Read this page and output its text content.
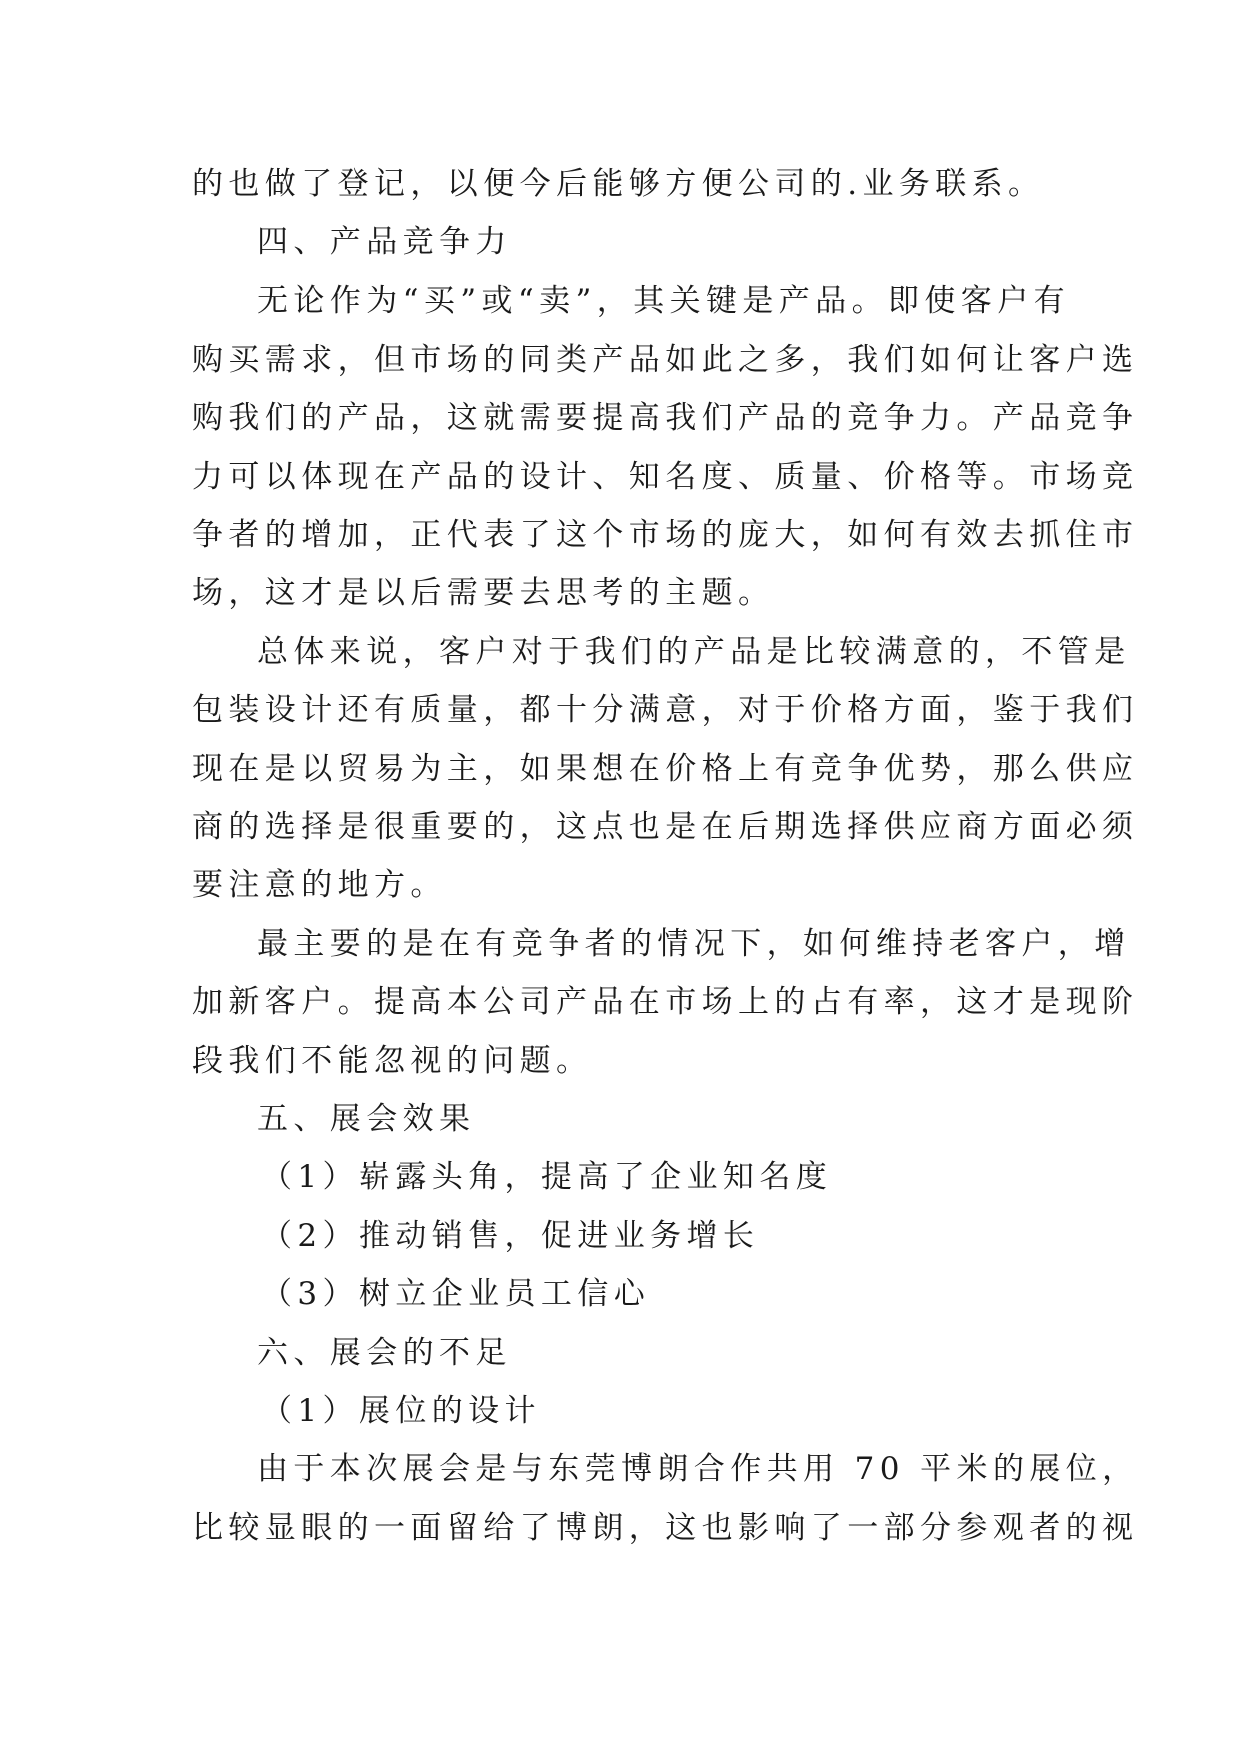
的也做了登记，以便今后能够方便公司的.业务联系。

四、产品竞争力

无论作为“买”或“卖”，其关键是产品。即使客户有

购买需求，但市场的同类产品如此之多，我们如何让客户选

购我们的产品，这就需要提高我们产品的竞争力。产品竞争

力可以体现在产品的设计、知名度、质量、价格等。市场竞

争者的增加，正代表了这个市场的庞大，如何有效去抓住市

场，这才是以后需要去思考的主题。

总体来说，客户对于我们的产品是比较满意的，不管是

包装设计还有质量，都十分满意，对于价格方面，鉴于我们

现在是以贸易为主，如果想在价格上有竞争优势，那么供应

商的选择是很重要的，这点也是在后期选择供应商方面必须

要注意的地方。

最主要的是在有竞争者的情况下，如何维持老客户，增

加新客户。提高本公司产品在市场上的占有率，这才是现阶

段我们不能忽视的问题。

五、展会效果

（1）崭露头角，提高了企业知名度

（2）推动销售，促进业务增长

（3）树立企业员工信心

六、展会的不足

（1）展位的设计

由于本次展会是与东莞博朗合作共用 70 平米的展位，

比较显眼的一面留给了博朗，这也影响了一部分参观者的视
